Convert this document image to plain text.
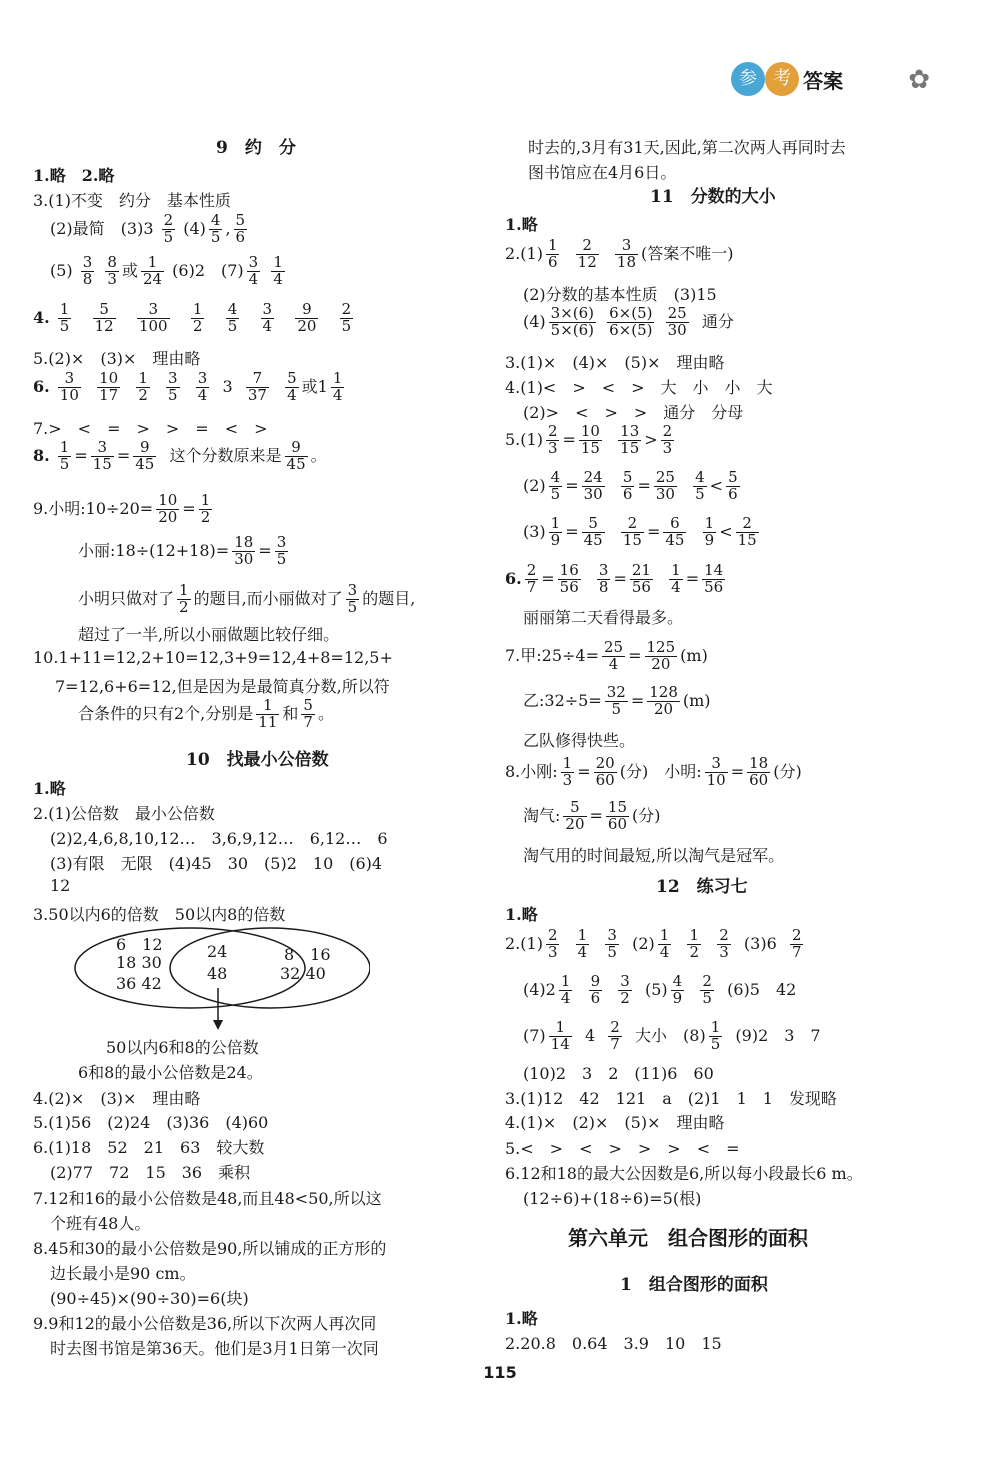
参 考 答案	✿
9　约　分
1.略　2.略
3.(1)不变　约分　基本性质
(2)最简　$(3)3 \frac{2}{5} (4) \frac{4}{5}$ , $\frac{5}{6}$
$(5) \frac{3}{8}$
$\frac{8}{3}$ 或 $\frac{1}{24} (6)2$　$(7) \frac{3}{4}$
$\frac{1}{4}$
4. $\frac{1}{5}$
$\frac{5}{12}$
$\frac{3}{100}$
$\frac{1}{2}$
$\frac{4}{5}$
$\frac{3}{4}$
$\frac{9}{20}$
$\frac{2}{5}$
5.(2)×　(3)×　理由略
6. $\frac{3}{10}$
$\frac{10}{17}$
$\frac{1}{2}$
$\frac{3}{5}$
$\frac{3}{4} 3 \frac{7}{37}$
$\frac{5}{4}$ 或$1 \frac{1}{4}$
7.>　<　=　>　>　=　<　>
8. $\frac{1}{5} = \frac{3}{15} = \frac{9}{45}$ 这个分数原来是 $\frac{9}{45}$ 。
9.小明:10÷20= $\frac{10}{20} = \frac{1}{2}$
小丽:18÷(12+18)= $\frac{18}{30} = \frac{3}{5}$
小明只做对了 $\frac{1}{2}$ 的题目,而小丽做对了 $\frac{3}{5}$ 的题目,
超过了一半,所以小丽做题比较仔细。
10.1+11=12,2+10=12,3+9=12,4+8=12,5+
7=12,6+6=12,但是因为是最简真分数,所以符
合条件的只有2个,分别是 $\frac{1}{11}$ 和 $\frac{5}{7}$ 。
10　找最小公倍数
1.略
2.(1)公倍数　最小公倍数
(2)2,4,6,8,10,12…　3,6,9,12…　6,12…　6
(3)有限　无限　(4)45　30　(5)2　10　(6)4
12
3.50以内6的倍数　50以内8的倍数
6　12
18 30
36 42
24
48
8　16
32 40
50以内6和8的公倍数
6和8的最小公倍数是24。
4.(2)×　(3)×　理由略
5.(1)56　(2)24　(3)36　(4)60
6.(1)18　52　21　63　较大数
(2)77　72　15　36　乘积
7.12和16的最小公倍数是48,而且48<50,所以这
个班有48人。
8.45和30的最小公倍数是90,所以铺成的正方形的
边长最小是90 cm。
(90÷45)×(90÷30)=6(块)
9.9和12的最小公倍数是36,所以下次两人再次同
时去图书馆是第36天。他们是3月1日第一次同
时去的,3月有31天,因此,第二次两人再同时去
图书馆应在4月6日。
11　分数的大小
1.略
$2.(1) \frac{1}{6}$
$\frac{2}{12}$
$\frac{3}{18}$ (答案不唯一)
(2)分数的基本性质　(3)15
$(4) \frac{3\times(6)}{5\times(6)}$
$\frac{6\times(5)}{6\times(5)}$
$\frac{25}{30}$ 通分
3.(1)×　(4)×　(5)×　理由略
4.(1)<　>　<　>　大　小　小　大
(2)>　<　>　>　通分　分母
$5.(1) \frac{2}{3} = \frac{10}{15}$
$\frac{13}{15} > \frac{2}{3}$
$(2) \frac{4}{5} = \frac{24}{30}$
$\frac{5}{6} = \frac{25}{30}$
$\frac{4}{5} < \frac{5}{6}$
$(3) \frac{1}{9} = \frac{5}{45}$
$\frac{2}{15} = \frac{6}{45}$
$\frac{1}{9} < \frac{2}{15}$
6. $\frac{2}{7} = \frac{16}{56}$
$\frac{3}{8} = \frac{21}{56}$
$\frac{1}{4} = \frac{14}{56}$
丽丽第二天看得最多。
7.甲:25÷4= $\frac{25}{4} = \frac{125}{20} (m)$
乙:32÷5= $\frac{32}{5} = \frac{128}{20} (m)$
乙队修得快些。
8.小刚: $\frac{1}{3} = \frac{20}{60}$ (分)　小明: $\frac{3}{10} = \frac{18}{60}$ (分)
淘气: $\frac{5}{20} = \frac{15}{60}$ (分)
淘气用的时间最短,所以淘气是冠军。
12　练习七
1.略
$2.(1) \frac{2}{3}$
$\frac{1}{4}$
$\frac{3}{5} (2) \frac{1}{4}$
$\frac{1}{2}$
$\frac{2}{3} (3)6 \frac{2}{7}$
$(4)2 \frac{1}{4}$
$\frac{9}{6}$
$\frac{3}{2} (5) \frac{4}{9}$
$\frac{2}{5} (6)5$　42
$(7) \frac{1}{14} 4 \frac{2}{7}$ 大小　$(8) \frac{1}{5} (9)2$　3　7
(10)2　3　2　(11)6　60
3.(1)12　42　121　a　(2)1　1　1　发现略
4.(1)×　(2)×　(5)×　理由略
5.<　>　<　>　>　>　<　=
6.12和18的最大公因数是6,所以每小段最长6 m。
(12÷6)+(18÷6)=5(根)
第六单元　组合图形的面积
1　组合图形的面积
1.略
2.20.8　0.64　3.9　10　15
115
